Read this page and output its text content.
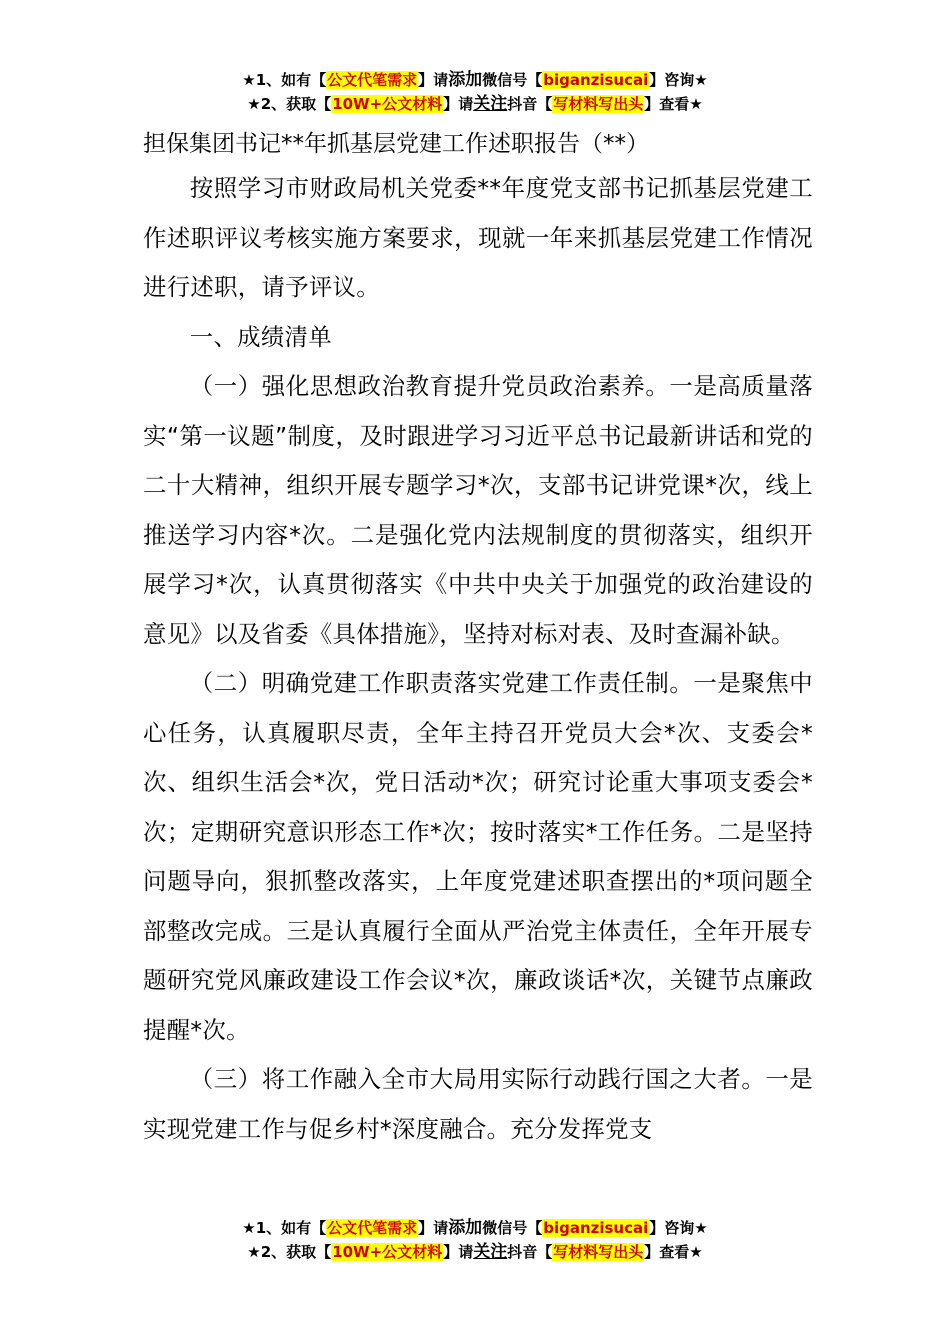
★1、如有【公文代笔需求】请添加微信号【biganzisucai】咨询★
★2、获取【10W+公文材料】请关注抖音【写材料写出头】查看★

担保集团书记**年抓基层党建工作述职报告（**）

按照学习市财政局机关党委**年度党支部书记抓基层党建工作述职评议考核实施方案要求，现就一年来抓基层党建工作情况进行述职，请予评议。

一、成绩清单

（一）强化思想政治教育提升党员政治素养。一是高质量落实“第一议题”制度，及时跟进学习习近平总书记最新讲话和党的二十大精神，组织开展专题学习*次，支部书记讲党课*次，线上推送学习内容*次。二是强化党内法规制度的贯彻落实，组织开展学习*次，认真贯彻落实《中共中央关于加强党的政治建设的意见》以及省委《具体措施》，坚持对标对表、及时查漏补缺。

（二）明确党建工作职责落实党建工作责任制。一是聚焦中心任务，认真履职尽责，全年主持召开党员大会*次、支委会*次、组织生活会*次，党日活动*次；研究讨论重大事项支委会*次；定期研究意识形态工作*次；按时落实*工作任务。二是坚持问题导向，狠抓整改落实，上年度党建述职查摆出的*项问题全部整改完成。三是认真履行全面从严治党主体责任，全年开展专题研究党风廉政建设工作会议*次，廉政谈话*次，关键节点廉政提醒*次。

（三）将工作融入全市大局用实际行动践行国之大者。一是实现党建工作与促乡村*深度融合。充分发挥党支

★1、如有【公文代笔需求】请添加微信号【biganzisucai】咨询★
★2、获取【10W+公文材料】请关注抖音【写材料写出头】查看★
